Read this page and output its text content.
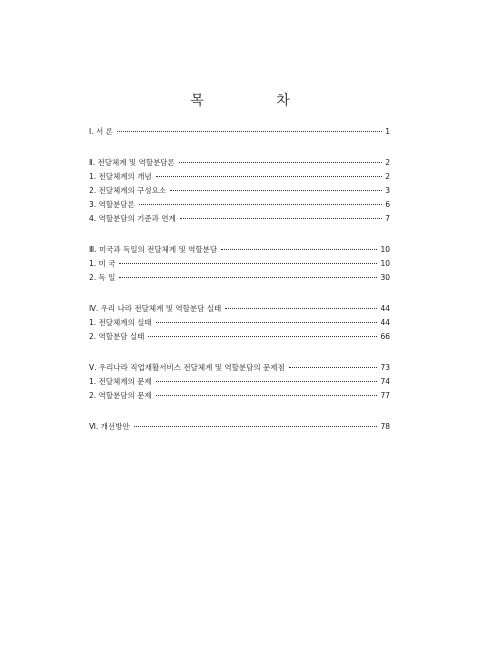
목 차
Ⅰ. 서 론	1
Ⅱ. 전달체계 및 역할분담론	2
1. 전달체계의 개념	2
2. 전달체계의 구성요소	3
3. 역할분담론	6
4. 역할분담의 기준과 연계	7
Ⅲ. 미국과 독일의 전달체계 및 역할분담	10
1. 미 국	10
2. 독 일	30
Ⅳ. 우리 나라 전달체계 및 역할분담 실태	44
1. 전달체계의 실태	44
2. 역할분담 실태	66
Ⅴ. 우리나라 직업재활서비스 전달체계 및 역할분담의 문제점	73
1. 전달체계의 문제	74
2. 역할분담의 문제	77
Ⅵ. 개선방안	78
